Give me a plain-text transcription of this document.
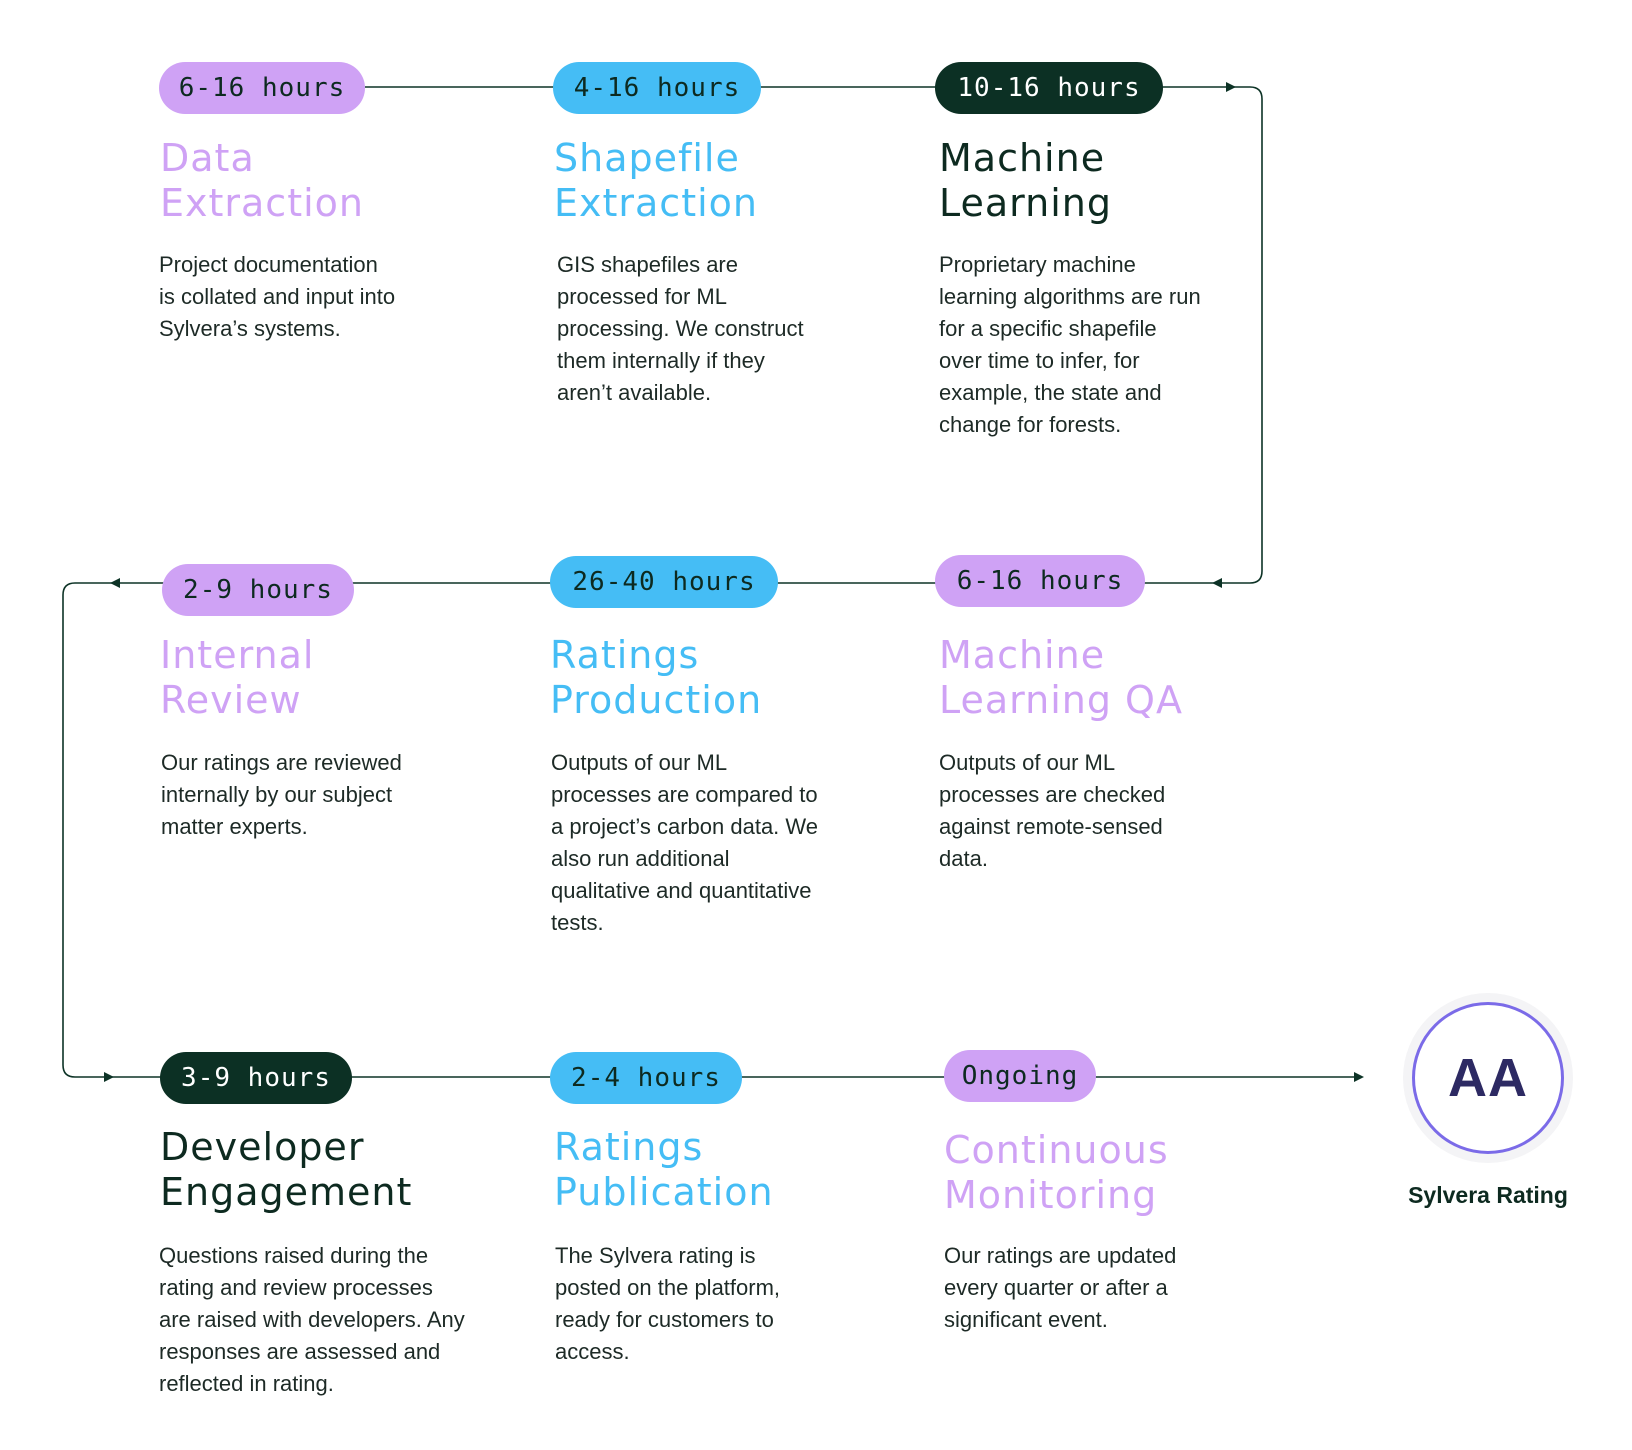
6-16 hours
Data
Extraction

Project documentation
is collated and input into
Sylvera’s systems.

4-16 hours
Shapefile
Extraction

GIS shapefiles are
processed for ML
processing. We construct
them internally if they
aren’t available.

10-16 hours
Machine
Learning

Proprietary machine
learning algorithms are run
for a specific shapefile
over time to infer, for
example, the state and
change for forests.

2-9 hours
Internal
Review

Our ratings are reviewed
internally by our subject
matter experts.

26-40 hours
Ratings
Production

Outputs of our ML
processes are compared to
a project’s carbon data. We
also run additional
qualitative and quantitative
tests.

6-16 hours
Machine
Learning QA

Outputs of our ML
processes are checked
against remote-sensed
data.

3-9 hours
Developer
Engagement

Questions raised during the
rating and review processes
are raised with developers. Any
responses are assessed and
reflected in rating.

2-4 hours
Ratings
Publication

The Sylvera rating is
posted on the platform,
ready for customers to
access.

Ongoing
Continuous
Monitoring

Our ratings are updated
every quarter or after a
significant event.

AA
Sylvera Rating
